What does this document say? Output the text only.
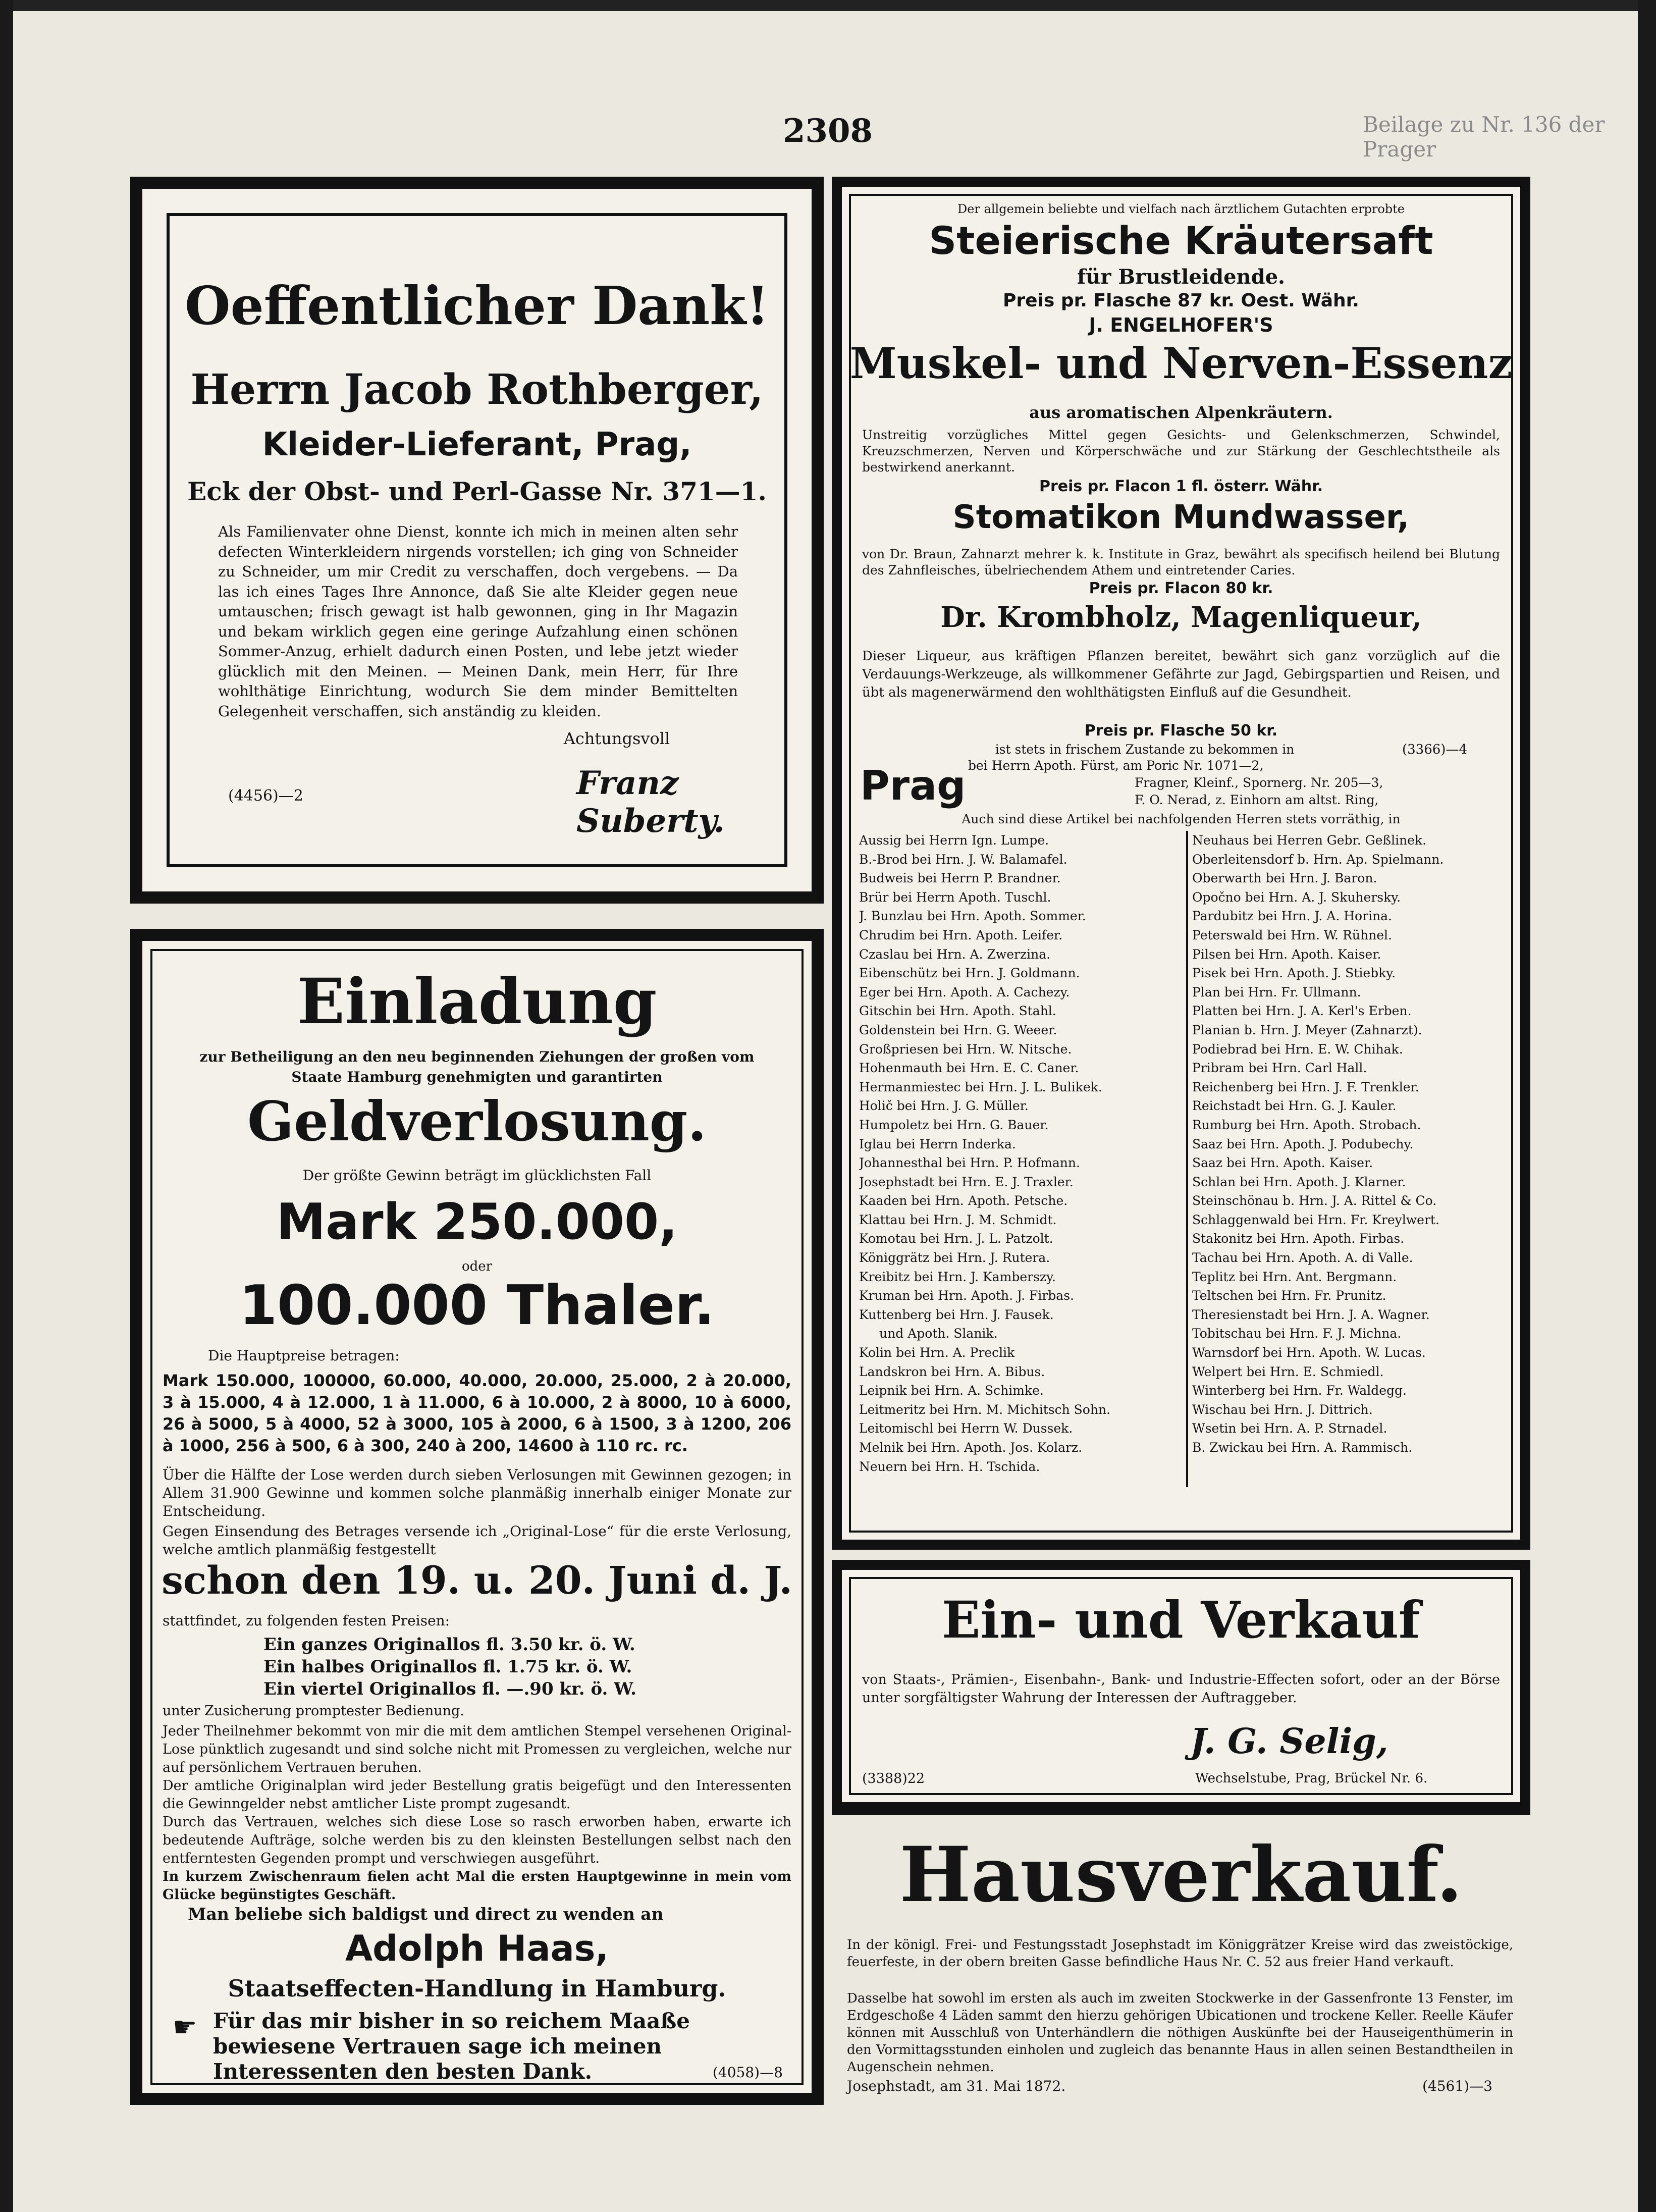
2308	Beilage zu Nr. 136 der Prager
Oeffentlicher Dank!
Herrn Jacob Rothberger,
Kleider-Lieferant, Prag,
Eck der Obst- und Perl-Gasse Nr. 371—1.

Als Familienvater ohne Dienst, konnte ich mich in meinen alten sehr defecten Winterkleidern nirgends vorstellen; ich ging von Schneider zu Schneider, um mir Credit zu verschaffen, doch vergebens. — Da las ich eines Tages Ihre Annonce, daß Sie alte Kleider gegen neue umtauschen; frisch gewagt ist halb gewonnen, ging in Ihr Magazin und bekam wirklich gegen eine geringe Aufzahlung einen schönen Sommer-Anzug, erhielt dadurch einen Posten, und lebe jetzt wieder glücklich mit den Meinen. — Meinen Dank, mein Herr, für Ihre wohlthätige Einrichtung, wodurch Sie dem minder Bemittelten Gelegenheit verschaffen, sich anständig zu kleiden.

Achtungsvoll
(4456)—2	Franz Suberty.
Einladung

zur Betheiligung an den neu beginnenden Ziehungen der großen vom Staate Hamburg genehmigten und garantirten

Geldverlosung.
Der größte Gewinn beträgt im glücklichsten Fall
Mark 250.000,
oder
100.000 Thaler.
Die Hauptpreise betragen:

Mark 150.000, 100000, 60.000, 40.000, 20.000, 25.000, 2 à 20.000, 3 à 15.000, 4 à 12.000, 1 à 11.000, 6 à 10.000, 2 à 8000, 10 à 6000, 26 à 5000, 5 à 4000, 52 à 3000, 105 à 2000, 6 à 1500, 3 à 1200, 206 à 1000, 256 à 500, 6 à 300, 240 à 200, 14600 à 110 rc. rc.

Über die Hälfte der Lose werden durch sieben Verlosungen mit Gewinnen gezogen; in Allem 31.900 Gewinne und kommen solche planmäßig innerhalb einiger Monate zur Entscheidung.

Gegen Einsendung des Betrages versende ich „Original-Lose“ für die erste Verlosung, welche amtlich planmäßig festgestellt

schon den 19. u. 20. Juni d. J.
stattfindet, zu folgenden festen Preisen:
Ein ganzes Originallos fl. 3.50 kr. ö. W.
Ein halbes Originallos fl. 1.75 kr. ö. W.
Ein viertel Originallos fl. —.90 kr. ö. W.
unter Zusicherung promptester Bedienung.

Jeder Theilnehmer bekommt von mir die mit dem amtlichen Stempel versehenen Original-Lose pünktlich zugesandt und sind solche nicht mit Promessen zu vergleichen, welche nur auf persönlichem Vertrauen beruhen.

Der amtliche Originalplan wird jeder Bestellung gratis beigefügt und den Interessenten die Gewinngelder nebst amtlicher Liste prompt zugesandt.

Durch das Vertrauen, welches sich diese Lose so rasch erworben haben, erwarte ich bedeutende Aufträge, solche werden bis zu den kleinsten Bestellungen selbst nach den entferntesten Gegenden prompt und verschwiegen ausgeführt.

In kurzem Zwischenraum fielen acht Mal die ersten Hauptgewinne in mein vom Glücke begünstigtes Geschäft.

Man beliebe sich baldigst und direct zu wenden an
Adolph Haas,
Staatseffecten-Handlung in Hamburg.
☛ Für das mir bisher in so reichem Maaße bewiesene Vertrauen sage ich meinen Interessenten den besten Dank.	(4058)—8
Der allgemein beliebte und vielfach nach ärztlichem Gutachten erprobte
Steierische Kräutersaft
für Brustleidende.
Preis pr. Flasche 87 kr. Oest. Währ.
J. ENGELHOFER'S
Muskel- und Nerven-Essenz
aus aromatischen Alpenkräutern.

Unstreitig vorzügliches Mittel gegen Gesichts- und Gelenkschmerzen, Schwindel, Kreuzschmerzen, Nerven und Körperschwäche und zur Stärkung der Geschlechtstheile als bestwirkend anerkannt.

Preis pr. Flacon 1 fl. österr. Währ.
Stomatikon Mundwasser,

von Dr. Braun, Zahnarzt mehrer k. k. Institute in Graz, bewährt als specifisch heilend bei Blutung des Zahnfleisches, übelriechendem Athem und eintretender Caries.

Preis pr. Flacon 80 kr.
Dr. Krombholz, Magenliqueur,

Dieser Liqueur, aus kräftigen Pflanzen bereitet, bewährt sich ganz vorzüglich auf die Verdauungs-Werkzeuge, als willkommener Gefährte zur Jagd, Gebirgspartien und Reisen, und übt als magenerwärmend den wohlthätigsten Einfluß auf die Gesundheit.

Preis pr. Flasche 50 kr.
ist stets in frischem Zustande zu bekommen in	(3366)—4
Prag bei Herrn Apoth. Fürst, am Poric Nr. 1071—2,
Fragner, Kleinf., Spornerg. Nr. 205—3,
F. O. Nerad, z. Einhorn am altst. Ring,
Auch sind diese Artikel bei nachfolgenden Herren stets vorräthig, in
Aussig bei Herrn Ign. Lumpe.
B.-Brod bei Hrn. J. W. Balamafel.
Budweis bei Herrn P. Brandner.
Brür bei Herrn Apoth. Tuschl.
J. Bunzlau bei Hrn. Apoth. Sommer.
Chrudim bei Hrn. Apoth. Leifer.
Czaslau bei Hrn. A. Zwerzina.
Eibenschütz bei Hrn. J. Goldmann.
Eger bei Hrn. Apoth. A. Cachezy.
Gitschin bei Hrn. Apoth. Stahl.
Goldenstein bei Hrn. G. Weeer.
Großpriesen bei Hrn. W. Nitsche.
Hohenmauth bei Hrn. E. C. Caner.
Hermanmiestec bei Hrn. J. L. Bulikek.
Holič bei Hrn. J. G. Müller.
Humpoletz bei Hrn. G. Bauer.
Iglau bei Herrn Inderka.
Johannesthal bei Hrn. P. Hofmann.
Josephstadt bei Hrn. E. J. Traxler.
Kaaden bei Hrn. Apoth. Petsche.
Klattau bei Hrn. J. M. Schmidt.
Komotau bei Hrn. J. L. Patzolt.
Königgrätz bei Hrn. J. Rutera.
Kreibitz bei Hrn. J. Kamberszy.
Kruman bei Hrn. Apoth. J. Firbas.
Kuttenberg bei Hrn. J. Fausek.
und Apoth. Slanik.
Kolin bei Hrn. A. Preclik
Landskron bei Hrn. A. Bibus.
Leipnik bei Hrn. A. Schimke.
Leitmeritz bei Hrn. M. Michitsch Sohn.
Leitomischl bei Herrn W. Dussek.
Melnik bei Hrn. Apoth. Jos. Kolarz.
Neuern bei Hrn. H. Tschida.
Neuhaus bei Herren Gebr. Geßlinek.
Oberleitensdorf b. Hrn. Ap. Spielmann.
Oberwarth bei Hrn. J. Baron.
Opočno bei Hrn. A. J. Skuhersky.
Pardubitz bei Hrn. J. A. Horina.
Peterswald bei Hrn. W. Rühnel.
Pilsen bei Hrn. Apoth. Kaiser.
Pisek bei Hrn. Apoth. J. Stiebky.
Plan bei Hrn. Fr. Ullmann.
Platten bei Hrn. J. A. Kerl's Erben.
Planian b. Hrn. J. Meyer (Zahnarzt).
Podiebrad bei Hrn. E. W. Chihak.
Pribram bei Hrn. Carl Hall.
Reichenberg bei Hrn. J. F. Trenkler.
Reichstadt bei Hrn. G. J. Kauler.
Rumburg bei Hrn. Apoth. Strobach.
Saaz bei Hrn. Apoth. J. Podubechy.
Saaz bei Hrn. Apoth. Kaiser.
Schlan bei Hrn. Apoth. J. Klarner.
Steinschönau b. Hrn. J. A. Rittel & Co.
Schlaggenwald bei Hrn. Fr. Kreylwert.
Stakonitz bei Hrn. Apoth. Firbas.
Tachau bei Hrn. Apoth. A. di Valle.
Teplitz bei Hrn. Ant. Bergmann.
Teltschen bei Hrn. Fr. Prunitz.
Theresienstadt bei Hrn. J. A. Wagner.
Tobitschau bei Hrn. F. J. Michna.
Warnsdorf bei Hrn. Apoth. W. Lucas.
Welpert bei Hrn. E. Schmiedl.
Winterberg bei Hrn. Fr. Waldegg.
Wischau bei Hrn. J. Dittrich.
Wsetin bei Hrn. A. P. Strnadel.
B. Zwickau bei Hrn. A. Rammisch.
Ein- und Verkauf

von Staats-, Prämien-, Eisenbahn-, Bank- und Industrie-Effecten sofort, oder an der Börse unter sorgfältigster Wahrung der Interessen der Auftraggeber.

J. G. Selig,
(3388)22	Wechselstube, Prag, Brückel Nr. 6.
Hausverkauf.

In der königl. Frei- und Festungsstadt Josephstadt im Königgrätzer Kreise wird das zweistöckige, feuerfeste, in der obern breiten Gasse befindliche Haus Nr. C. 52 aus freier Hand verkauft.

Dasselbe hat sowohl im ersten als auch im zweiten Stockwerke in der Gassenfronte 13 Fenster, im Erdgeschoße 4 Läden sammt den hierzu gehörigen Ubicationen und trockene Keller. Reelle Käufer können mit Ausschluß von Unterhändlern die nöthigen Auskünfte bei der Hauseigenthümerin in den Vormittagsstunden einholen und zugleich das benannte Haus in allen seinen Bestandtheilen in Augenschein nehmen.

Josephstadt, am 31. Mai 1872.	(4561)—3
